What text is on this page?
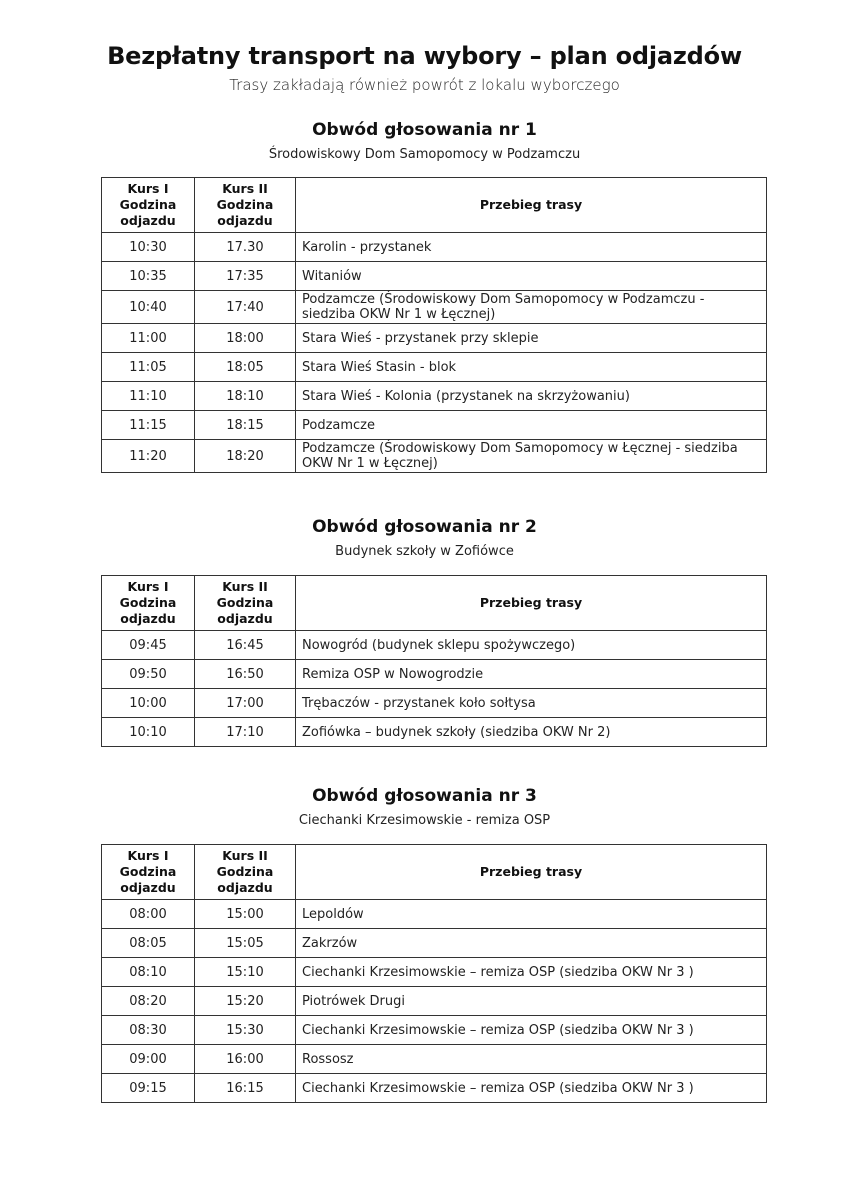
Bezpłatny transport na wybory – plan odjazdów
Trasy zakładają również powrót z lokalu wyborczego
Obwód głosowania nr 1
Środowiskowy Dom Samopomocy w Podzamczu
Kurs I
Godzina
odjazdu	Kurs II
Godzina
odjazdu	Przebieg trasy
10:30	17.30	Karolin - przystanek
10:35	17:35	Witaniów
10:40	17:40	Podzamcze (Środowiskowy Dom Samopomocy w Podzamczu - siedziba OKW Nr 1 w Łęcznej)
11:00	18:00	Stara Wieś - przystanek przy sklepie
11:05	18:05	Stara Wieś Stasin - blok
11:10	18:10	Stara Wieś - Kolonia (przystanek na skrzyżowaniu)
11:15	18:15	Podzamcze
11:20	18:20	Podzamcze (Środowiskowy Dom Samopomocy w Łęcznej - siedziba OKW Nr 1 w Łęcznej)
Obwód głosowania nr 2
Budynek szkoły w Zofiówce
Kurs I
Godzina
odjazdu	Kurs II
Godzina
odjazdu	Przebieg trasy
09:45	16:45	Nowogród (budynek sklepu spożywczego)
09:50	16:50	Remiza OSP w Nowogrodzie
10:00	17:00	Trębaczów - przystanek koło sołtysa
10:10	17:10	Zofiówka – budynek szkoły (siedziba OKW Nr 2)
Obwód głosowania nr 3
Ciechanki Krzesimowskie - remiza OSP
Kurs I
Godzina
odjazdu	Kurs II
Godzina
odjazdu	Przebieg trasy
08:00	15:00	Lepoldów
08:05	15:05	Zakrzów
08:10	15:10	Ciechanki Krzesimowskie – remiza OSP (siedziba OKW Nr 3 )
08:20	15:20	Piotrówek Drugi
08:30	15:30	Ciechanki Krzesimowskie – remiza OSP (siedziba OKW Nr 3 )
09:00	16:00	Rossosz
09:15	16:15	Ciechanki Krzesimowskie – remiza OSP (siedziba OKW Nr 3 )
